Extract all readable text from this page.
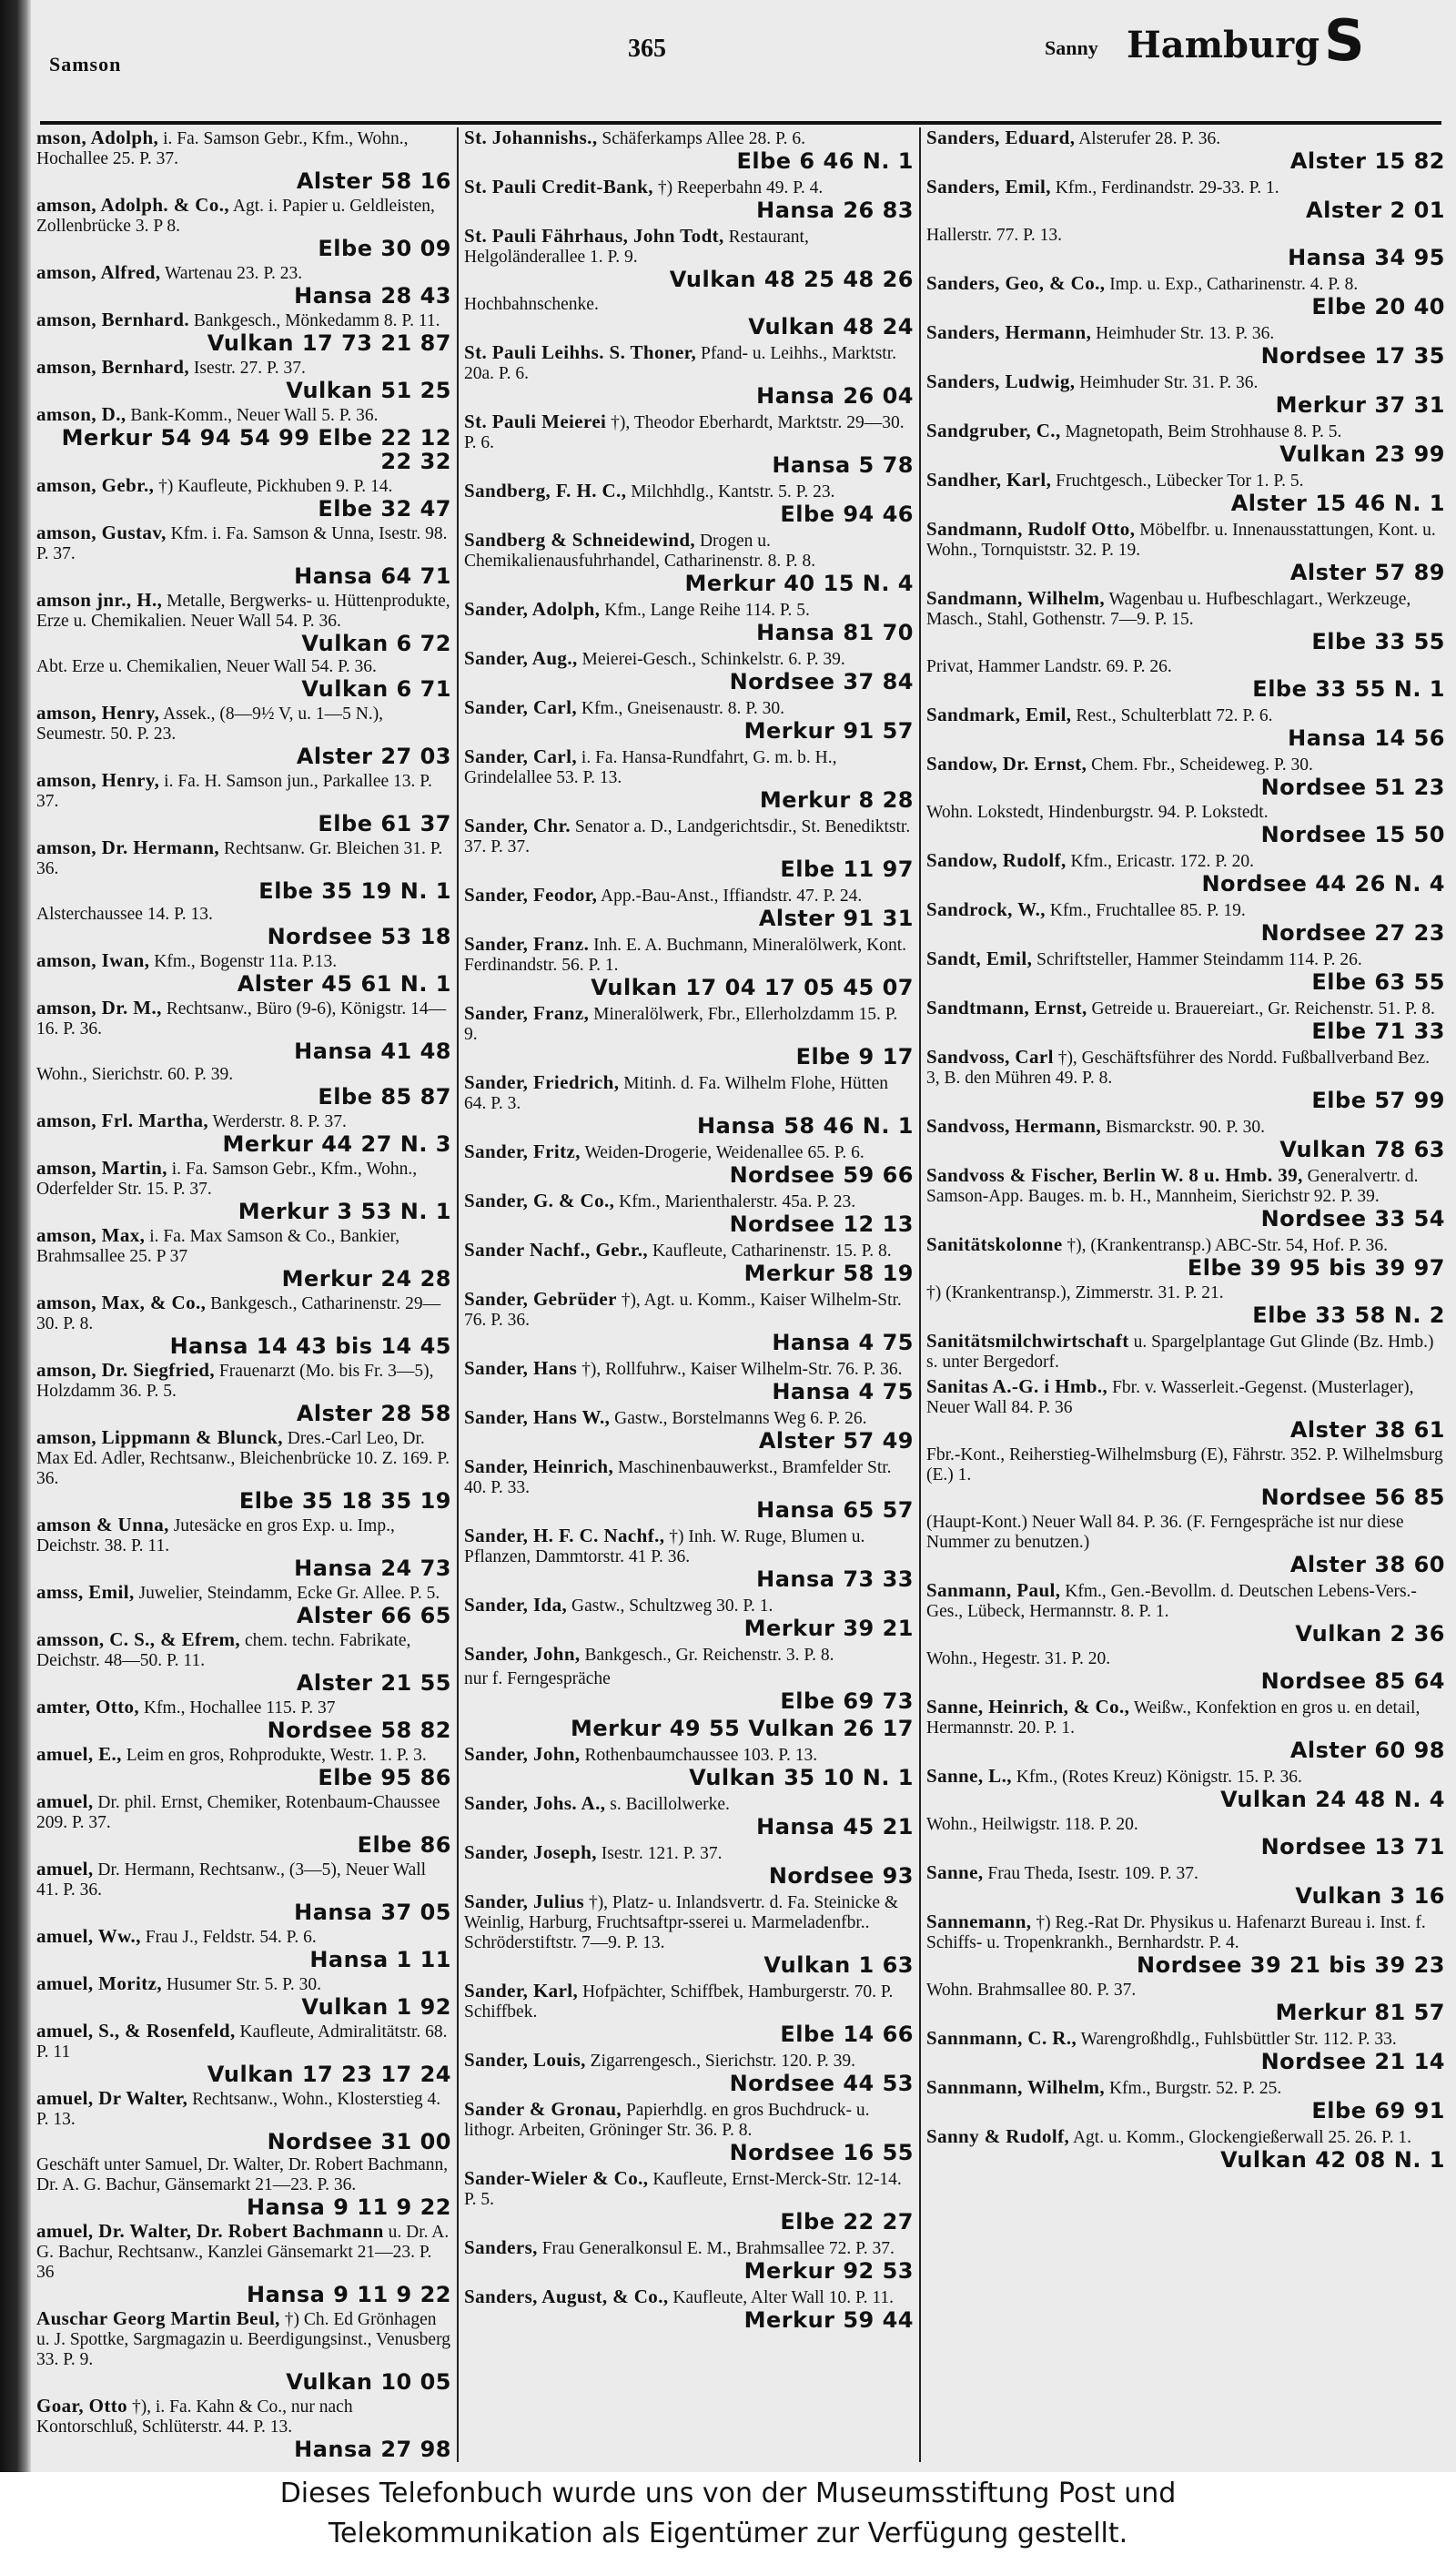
Samson
365	Sanny Hamburg S
mson, Adolph, i. Fa. Samson Gebr., Kfm., Wohn., Hochallee 25. P. 37.
Alster 58 16
amson, Adolph. & Co., Agt. i. Papier u. Geldleisten, Zollenbrücke 3. P 8.
Elbe 30 09
amson, Alfred, Wartenau 23. P. 23.
Hansa 28 43
amson, Bernhard. Bankgesch., Mönkedamm 8. P. 11.
Vulkan 17 73 21 87
amson, Bernhard, Isestr. 27. P. 37.
Vulkan 51 25
amson, D., Bank-Komm., Neuer Wall 5. P. 36.
Merkur 54 94 54 99 Elbe 22 12 22 32
amson, Gebr., †) Kaufleute, Pickhuben 9. P. 14.
Elbe 32 47
amson, Gustav, Kfm. i. Fa. Samson & Unna, Isestr. 98. P. 37.
Hansa 64 71
amson jnr., H., Metalle, Bergwerks- u. Hüttenprodukte, Erze u. Chemikalien. Neuer Wall 54. P. 36.
Vulkan 6 72
Abt. Erze u. Chemikalien, Neuer Wall 54. P. 36.
Vulkan 6 71
amson, Henry, Assek., (8—9½ V, u. 1—5 N.), Seumestr. 50. P. 23.
Alster 27 03
amson, Henry, i. Fa. H. Samson jun., Parkallee 13. P. 37.
Elbe 61 37
amson, Dr. Hermann, Rechtsanw. Gr. Bleichen 31. P. 36.
Elbe 35 19 N. 1
Alsterchaussee 14. P. 13.
Nordsee 53 18
amson, Iwan, Kfm., Bogenstr 11a. P.13.
Alster 45 61 N. 1
amson, Dr. M., Rechtsanw., Büro (9-6), Königstr. 14—16. P. 36.
Hansa 41 48
Wohn., Sierichstr. 60. P. 39.
Elbe 85 87
amson, Frl. Martha, Werderstr. 8. P. 37.
Merkur 44 27 N. 3
amson, Martin, i. Fa. Samson Gebr., Kfm., Wohn., Oderfelder Str. 15. P. 37.
Merkur 3 53 N. 1
amson, Max, i. Fa. Max Samson & Co., Bankier, Brahmsallee 25. P 37
Merkur 24 28
amson, Max, & Co., Bankgesch., Catharinenstr. 29—30. P. 8.
Hansa 14 43 bis 14 45
amson, Dr. Siegfried, Frauenarzt (Mo. bis Fr. 3—5), Holzdamm 36. P. 5.
Alster 28 58
amson, Lippmann & Blunck, Dres.-Carl Leo, Dr. Max Ed. Adler, Rechtsanw., Bleichenbrücke 10. Z. 169. P. 36.
Elbe 35 18 35 19
amson & Unna, Jutesäcke en gros Exp. u. Imp., Deichstr. 38. P. 11.
Hansa 24 73
amss, Emil, Juwelier, Steindamm, Ecke Gr. Allee. P. 5.
Alster 66 65
amsson, C. S., & Efrem, chem. techn. Fabrikate, Deichstr. 48—50. P. 11.
Alster 21 55
amter, Otto, Kfm., Hochallee 115. P. 37
Nordsee 58 82
amuel, E., Leim en gros, Rohprodukte, Westr. 1. P. 3.
Elbe 95 86
amuel, Dr. phil. Ernst, Chemiker, Rotenbaum-Chaussee 209. P. 37.
Elbe 86
amuel, Dr. Hermann, Rechtsanw., (3—5), Neuer Wall 41. P. 36.
Hansa 37 05
amuel, Ww., Frau J., Feldstr. 54. P. 6.
Hansa 1 11
amuel, Moritz, Husumer Str. 5. P. 30.
Vulkan 1 92
amuel, S., & Rosenfeld, Kaufleute, Admiralitätstr. 68. P. 11
Vulkan 17 23 17 24
amuel, Dr Walter, Rechtsanw., Wohn., Klosterstieg 4. P. 13.
Nordsee 31 00
Geschäft unter Samuel, Dr. Walter, Dr. Robert Bachmann, Dr. A. G. Bachur, Gänsemarkt 21—23. P. 36.
Hansa 9 11 9 22
amuel, Dr. Walter, Dr. Robert Bachmann u. Dr. A. G. Bachur, Rechtsanw., Kanzlei Gänsemarkt 21—23. P. 36
Hansa 9 11 9 22
Auschar Georg Martin Beul, †) Ch. Ed Grönhagen u. J. Spottke, Sargmagazin u. Beerdigungsinst., Venusberg 33. P. 9.
Vulkan 10 05
Goar, Otto †), i. Fa. Kahn & Co., nur nach Kontorschluß, Schlüterstr. 44. P. 13.
Hansa 27 98
St. Johannishs., Schäferkamps Allee 28. P. 6.
Elbe 6 46 N. 1
St. Pauli Credit-Bank, †) Reeperbahn 49. P. 4.
Hansa 26 83
St. Pauli Fährhaus, John Todt, Restaurant, Helgoländerallee 1. P. 9.
Vulkan 48 25 48 26
Hochbahnschenke.
Vulkan 48 24
St. Pauli Leihhs. S. Thoner, Pfand- u. Leihhs., Marktstr. 20a. P. 6.
Hansa 26 04
St. Pauli Meierei †), Theodor Eberhardt, Marktstr. 29—30. P. 6.
Hansa 5 78
Sandberg, F. H. C., Milchhdlg., Kantstr. 5. P. 23.
Elbe 94 46
Sandberg & Schneidewind, Drogen u. Chemikalienausfuhrhandel, Catharinenstr. 8. P. 8.
Merkur 40 15 N. 4
Sander, Adolph, Kfm., Lange Reihe 114. P. 5.
Hansa 81 70
Sander, Aug., Meierei-Gesch., Schinkelstr. 6. P. 39.
Nordsee 37 84
Sander, Carl, Kfm., Gneisenaustr. 8. P. 30.
Merkur 91 57
Sander, Carl, i. Fa. Hansa-Rundfahrt, G. m. b. H., Grindelallee 53. P. 13.
Merkur 8 28
Sander, Chr. Senator a. D., Landgerichtsdir., St. Benediktstr. 37. P. 37.
Elbe 11 97
Sander, Feodor, App.-Bau-Anst., Iffiandstr. 47. P. 24.
Alster 91 31
Sander, Franz. Inh. E. A. Buchmann, Mineralölwerk, Kont. Ferdinandstr. 56. P. 1.
Vulkan 17 04 17 05 45 07
Sander, Franz, Mineralölwerk, Fbr., Ellerholzdamm 15. P. 9.
Elbe 9 17
Sander, Friedrich, Mitinh. d. Fa. Wilhelm Flohe, Hütten 64. P. 3.
Hansa 58 46 N. 1
Sander, Fritz, Weiden-Drogerie, Weidenallee 65. P. 6.
Nordsee 59 66
Sander, G. & Co., Kfm., Marienthalerstr. 45a. P. 23.
Nordsee 12 13
Sander Nachf., Gebr., Kaufleute, Catharinenstr. 15. P. 8.
Merkur 58 19
Sander, Gebrüder †), Agt. u. Komm., Kaiser Wilhelm-Str. 76. P. 36.
Hansa 4 75
Sander, Hans †), Rollfuhrw., Kaiser Wilhelm-Str. 76. P. 36.
Hansa 4 75
Sander, Hans W., Gastw., Borstelmanns Weg 6. P. 26.
Alster 57 49
Sander, Heinrich, Maschinenbauwerkst., Bramfelder Str. 40. P. 33.
Hansa 65 57
Sander, H. F. C. Nachf., †) Inh. W. Ruge, Blumen u. Pflanzen, Dammtorstr. 41 P. 36.
Hansa 73 33
Sander, Ida, Gastw., Schultzweg 30. P. 1.
Merkur 39 21
Sander, John, Bankgesch., Gr. Reichenstr. 3. P. 8.
nur f. Ferngespräche
Elbe 69 73
Merkur 49 55 Vulkan 26 17
Sander, John, Rothenbaumchaussee 103. P. 13.
Vulkan 35 10 N. 1
Sander, Johs. A., s. Bacillolwerke.
Hansa 45 21
Sander, Joseph, Isestr. 121. P. 37.
Nordsee 93
Sander, Julius †), Platz- u. Inlandsvertr. d. Fa. Steinicke & Weinlig, Harburg, Fruchtsaftpr-sserei u. Marmeladenfbr.. Schröderstiftstr. 7—9. P. 13.
Vulkan 1 63
Sander, Karl, Hofpächter, Schiffbek, Hamburgerstr. 70. P. Schiffbek.
Elbe 14 66
Sander, Louis, Zigarrengesch., Sierichstr. 120. P. 39.
Nordsee 44 53
Sander & Gronau, Papierhdlg. en gros Buchdruck- u. lithogr. Arbeiten, Gröninger Str. 36. P. 8.
Nordsee 16 55
Sander-Wieler & Co., Kaufleute, Ernst-Merck-Str. 12-14. P. 5.
Elbe 22 27
Sanders, Frau Generalkonsul E. M., Brahmsallee 72. P. 37.
Merkur 92 53
Sanders, August, & Co., Kaufleute, Alter Wall 10. P. 11.
Merkur 59 44
Sanders, Eduard, Alsterufer 28. P. 36.
Alster 15 82
Sanders, Emil, Kfm., Ferdinandstr. 29-33. P. 1.
Alster 2 01
Hallerstr. 77. P. 13.
Hansa 34 95
Sanders, Geo, & Co., Imp. u. Exp., Catharinenstr. 4. P. 8.
Elbe 20 40
Sanders, Hermann, Heimhuder Str. 13. P. 36.
Nordsee 17 35
Sanders, Ludwig, Heimhuder Str. 31. P. 36.
Merkur 37 31
Sandgruber, C., Magnetopath, Beim Strohhause 8. P. 5.
Vulkan 23 99
Sandher, Karl, Fruchtgesch., Lübecker Tor 1. P. 5.
Alster 15 46 N. 1
Sandmann, Rudolf Otto, Möbelfbr. u. Innenausstattungen, Kont. u. Wohn., Tornquiststr. 32. P. 19.
Alster 57 89
Sandmann, Wilhelm, Wagenbau u. Hufbeschlagart., Werkzeuge, Masch., Stahl, Gothenstr. 7—9. P. 15.
Elbe 33 55
Privat, Hammer Landstr. 69. P. 26.
Elbe 33 55 N. 1
Sandmark, Emil, Rest., Schulterblatt 72. P. 6.
Hansa 14 56
Sandow, Dr. Ernst, Chem. Fbr., Scheideweg. P. 30.
Nordsee 51 23
Wohn. Lokstedt, Hindenburgstr. 94. P. Lokstedt.
Nordsee 15 50
Sandow, Rudolf, Kfm., Ericastr. 172. P. 20.
Nordsee 44 26 N. 4
Sandrock, W., Kfm., Fruchtallee 85. P. 19.
Nordsee 27 23
Sandt, Emil, Schriftsteller, Hammer Steindamm 114. P. 26.
Elbe 63 55
Sandtmann, Ernst, Getreide u. Brauereiart., Gr. Reichenstr. 51. P. 8.
Elbe 71 33
Sandvoss, Carl †), Geschäftsführer des Nordd. Fußballverband Bez. 3, B. den Mühren 49. P. 8.
Elbe 57 99
Sandvoss, Hermann, Bismarckstr. 90. P. 30.
Vulkan 78 63
Sandvoss & Fischer, Berlin W. 8 u. Hmb. 39, Generalvertr. d. Samson-App. Bauges. m. b. H., Mannheim, Sierichstr 92. P. 39.
Nordsee 33 54
Sanitätskolonne †), (Krankentransp.) ABC-Str. 54, Hof. P. 36.
Elbe 39 95 bis 39 97
†) (Krankentransp.), Zimmerstr. 31. P. 21.
Elbe 33 58 N. 2
Sanitätsmilchwirtschaft u. Spargelplantage Gut Glinde (Bz. Hmb.) s. unter Bergedorf.
Sanitas A.-G. i Hmb., Fbr. v. Wasserleit.-Gegenst. (Musterlager), Neuer Wall 84. P. 36
Alster 38 61
Fbr.-Kont., Reiherstieg-Wilhelmsburg (E), Fährstr. 352. P. Wilhelmsburg (E.) 1.
Nordsee 56 85
(Haupt-Kont.) Neuer Wall 84. P. 36. (F. Ferngespräche ist nur diese Nummer zu benutzen.)
Alster 38 60
Sanmann, Paul, Kfm., Gen.-Bevollm. d. Deutschen Lebens-Vers.-Ges., Lübeck, Hermannstr. 8. P. 1.
Vulkan 2 36
Wohn., Hegestr. 31. P. 20.
Nordsee 85 64
Sanne, Heinrich, & Co., Weißw., Konfektion en gros u. en detail, Hermannstr. 20. P. 1.
Alster 60 98
Sanne, L., Kfm., (Rotes Kreuz) Königstr. 15. P. 36.
Vulkan 24 48 N. 4
Wohn., Heilwigstr. 118. P. 20.
Nordsee 13 71
Sanne, Frau Theda, Isestr. 109. P. 37.
Vulkan 3 16
Sannemann, †) Reg.-Rat Dr. Physikus u. Hafenarzt Bureau i. Inst. f. Schiffs- u. Tropenkrankh., Bernhardstr. P. 4.
Nordsee 39 21 bis 39 23
Wohn. Brahmsallee 80. P. 37.
Merkur 81 57
Sannmann, C. R., Warengroßhdlg., Fuhlsbüttler Str. 112. P. 33.
Nordsee 21 14
Sannmann, Wilhelm, Kfm., Burgstr. 52. P. 25.
Elbe 69 91
Sanny & Rudolf, Agt. u. Komm., Glockengießerwall 25. 26. P. 1.
Vulkan 42 08 N. 1
Dieses Telefonbuch wurde uns von der Museumsstiftung Post und
Telekommunikation als Eigentümer zur Verfügung gestellt.
